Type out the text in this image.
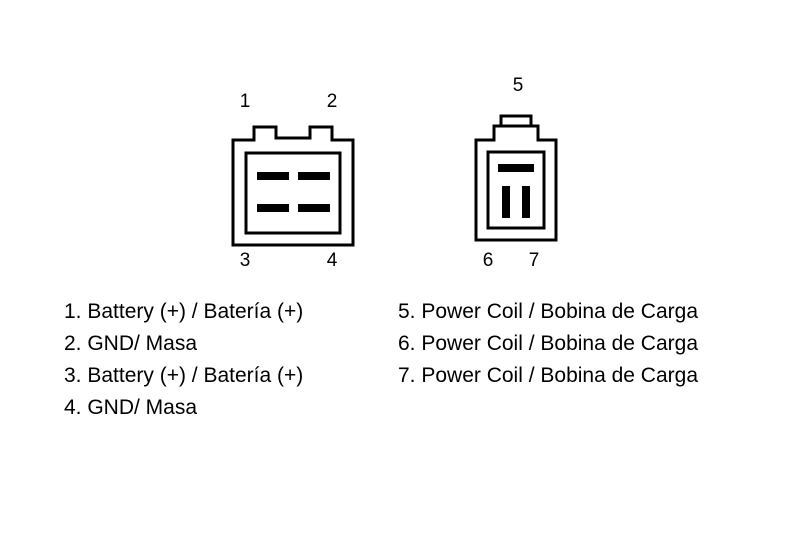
1	2
3	4
5
6	7
1. Battery (+) / Batería (+)
2. GND/ Masa
3. Battery (+) / Batería (+)
4. GND/ Masa
5. Power Coil / Bobina de Carga
6. Power Coil / Bobina de Carga
7. Power Coil / Bobina de Carga
